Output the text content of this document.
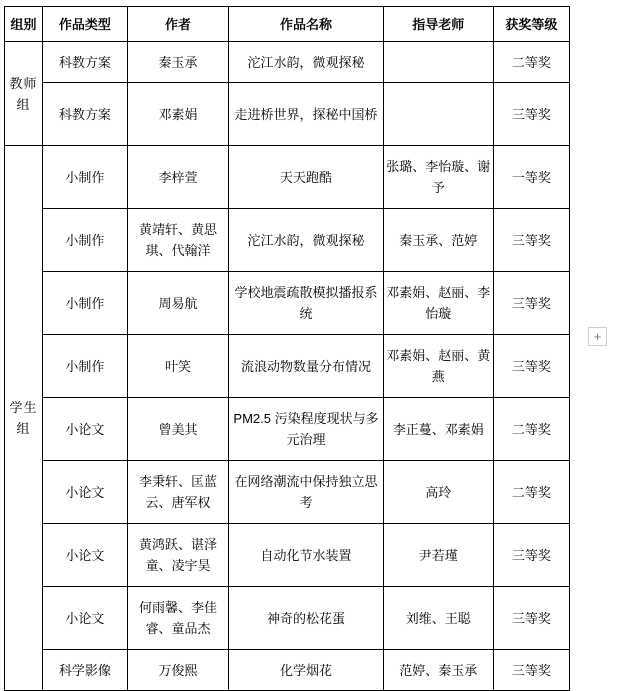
组别	作品类型	作者	作品名称	指导老师	获奖等级
教师组	科教方案	秦玉承	沱江水韵，微观探秘		二等奖
	科教方案	邓素娟	走进桥世界，探秘中国桥		三等奖
学生组	小制作	李梓萱	天天跑酷	张璐、李怡璇、谢予	一等奖
	小制作	黄靖轩、黄思琪、代翰洋	沱江水韵，微观探秘	秦玉承、范婷	三等奖
	小制作	周易航	学校地震疏散模拟播报系统	邓素娟、赵丽、李怡璇	三等奖
	小制作	叶笑	流浪动物数量分布情况	邓素娟、赵丽、黄燕	三等奖
	小论文	曾美其	PM2.5 污染程度现状与多元治理	李正蔓、邓素娟	二等奖
	小论文	李秉轩、匡蓝云、唐军权	在网络潮流中保持独立思考	高玲	二等奖
	小论文	黄鸿跃、谌泽童、凌宇昊	自动化节水装置	尹若瑾	三等奖
	小论文	何雨馨、李佳睿、童品杰	神奇的松花蛋	刘维、王聪	三等奖
	科学影像	万俊熙	化学烟花	范婷、秦玉承	三等奖
+
